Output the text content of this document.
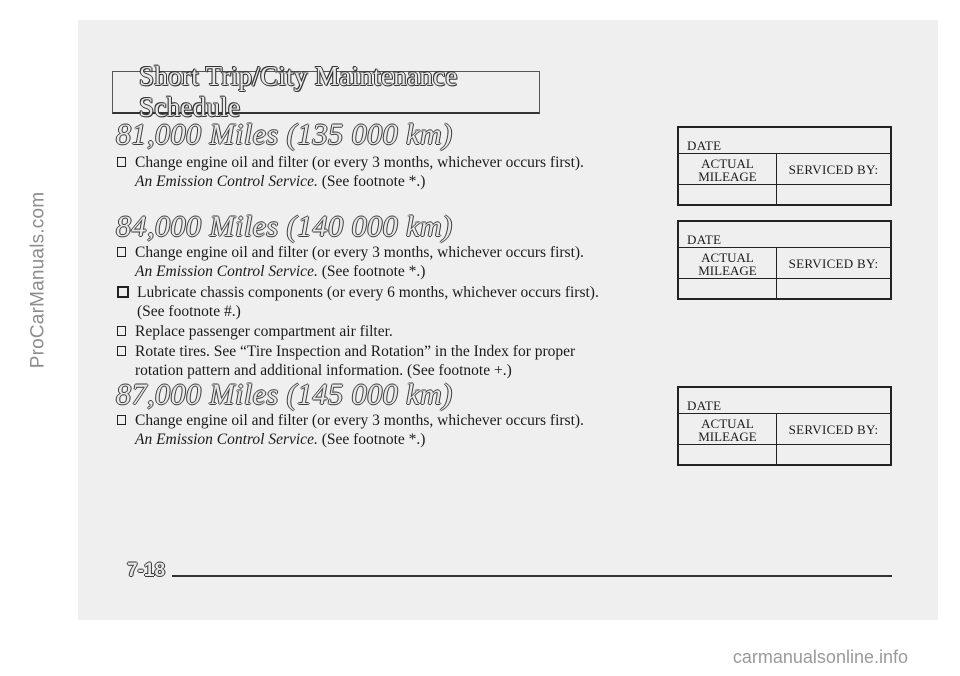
ProCarManuals.com
Short Trip/City Maintenance Schedule
81,000 Miles (135 000 km)
Change engine oil and filter (or every 3 months, whichever occurs first).
An Emission Control Service. (See footnote *.)
84,000 Miles (140 000 km)
Change engine oil and filter (or every 3 months, whichever occurs first).
An Emission Control Service. (See footnote *.)
Lubricate chassis components (or every 6 months, whichever occurs first).
(See footnote #.)
Replace passenger compartment air filter.
Rotate tires. See “Tire Inspection and Rotation” in the Index for proper
rotation pattern and additional information. (See footnote +.)
87,000 Miles (145 000 km)
Change engine oil and filter (or every 3 months, whichever occurs first).
An Emission Control Service. (See footnote *.)
DATE
ACTUAL
MILEAGE	SERVICED BY:
DATE
ACTUAL
MILEAGE	SERVICED BY:
DATE
ACTUAL
MILEAGE	SERVICED BY:
7-18
carmanualsonline.info
